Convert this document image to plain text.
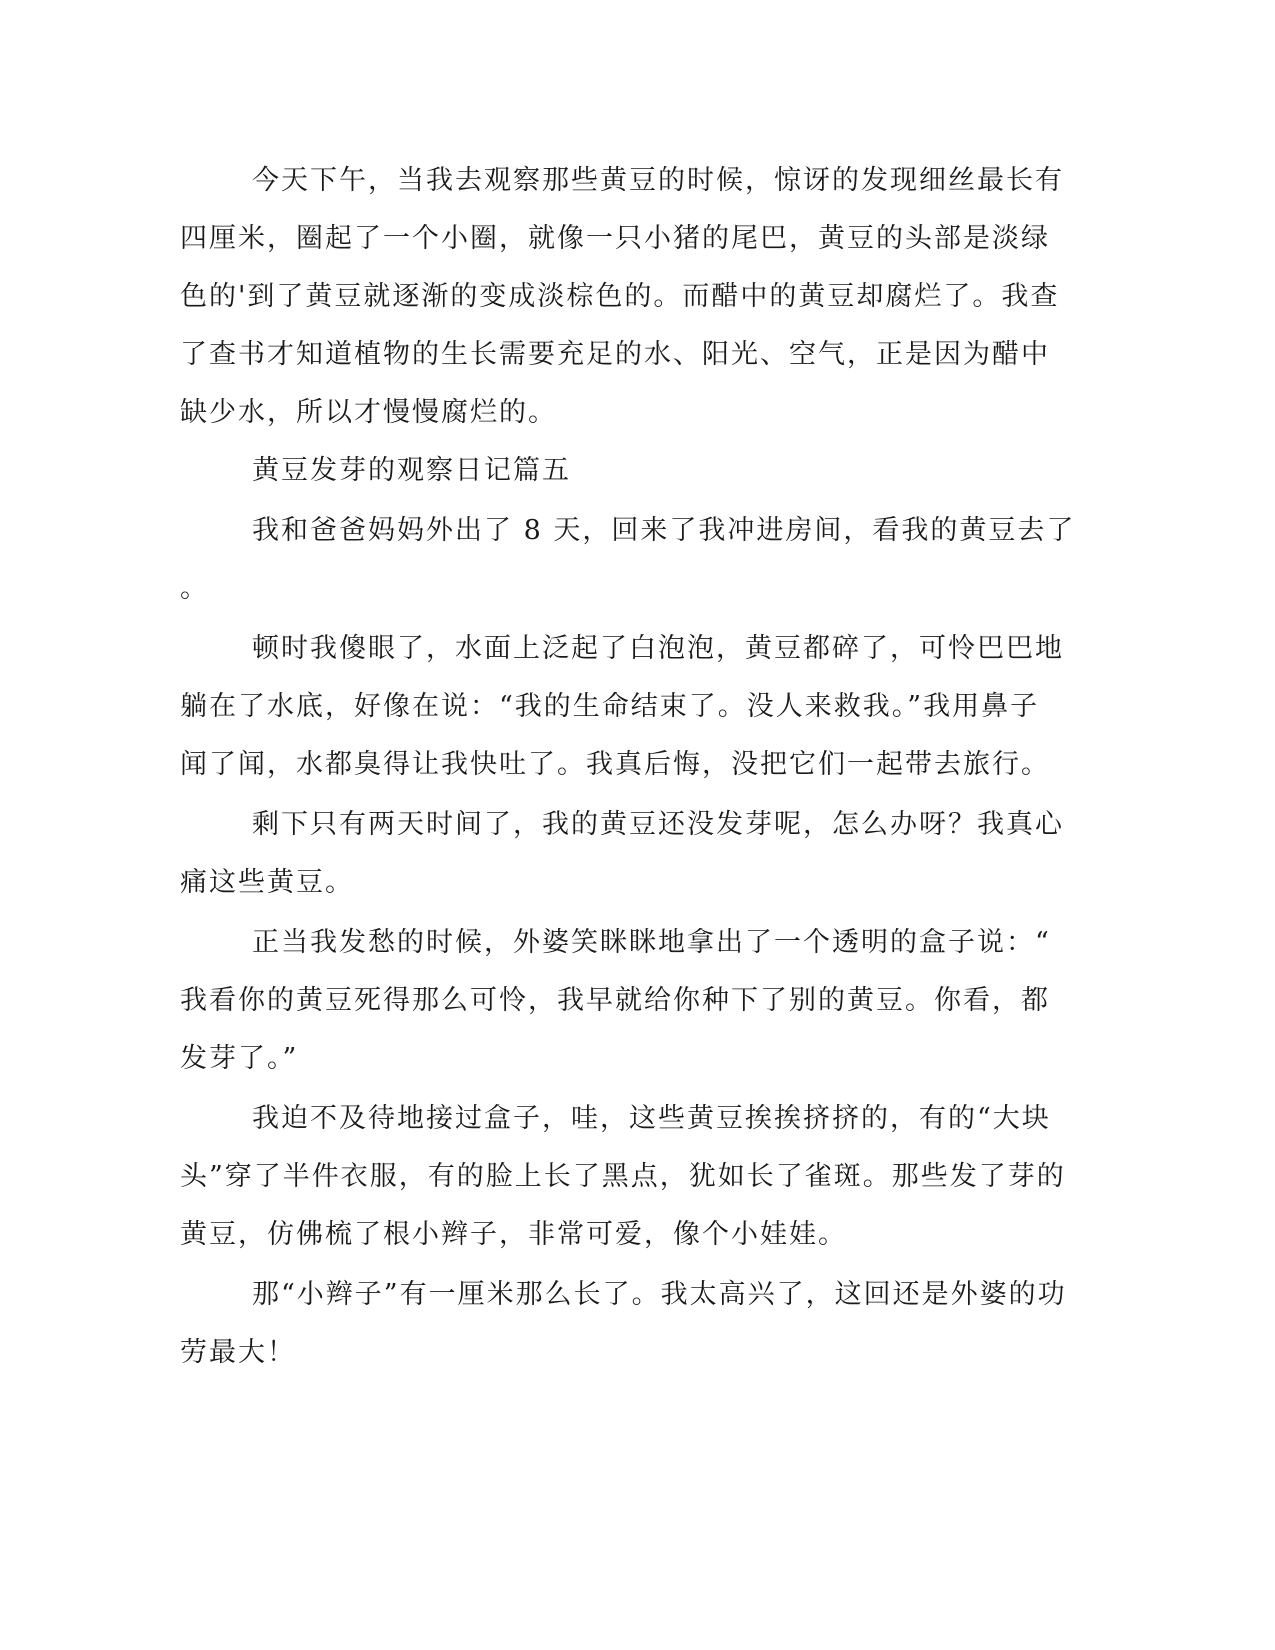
今天下午，当我去观察那些黄豆的时候，惊讶的发现细丝最长有

四厘米，圈起了一个小圈，就像一只小猪的尾巴，黄豆的头部是淡绿

色的'到了黄豆就逐渐的变成淡棕色的。而醋中的黄豆却腐烂了。我查

了查书才知道植物的生长需要充足的水、阳光、空气，正是因为醋中

缺少水，所以才慢慢腐烂的。

黄豆发芽的观察日记篇五

我和爸爸妈妈外出了 8 天，回来了我冲进房间，看我的黄豆去了

。

顿时我傻眼了，水面上泛起了白泡泡，黄豆都碎了，可怜巴巴地

躺在了水底，好像在说：“我的生命结束了。没人来救我。”我用鼻子

闻了闻，水都臭得让我快吐了。我真后悔，没把它们一起带去旅行。

剩下只有两天时间了，我的黄豆还没发芽呢，怎么办呀？我真心

痛这些黄豆。

正当我发愁的时候，外婆笑眯眯地拿出了一个透明的盒子说：“

我看你的黄豆死得那么可怜，我早就给你种下了别的黄豆。你看，都

发芽了。”

我迫不及待地接过盒子，哇，这些黄豆挨挨挤挤的，有的“大块

头”穿了半件衣服，有的脸上长了黑点，犹如长了雀斑。那些发了芽的

黄豆，仿佛梳了根小辫子，非常可爱，像个小娃娃。

那“小辫子”有一厘米那么长了。我太高兴了，这回还是外婆的功

劳最大！
